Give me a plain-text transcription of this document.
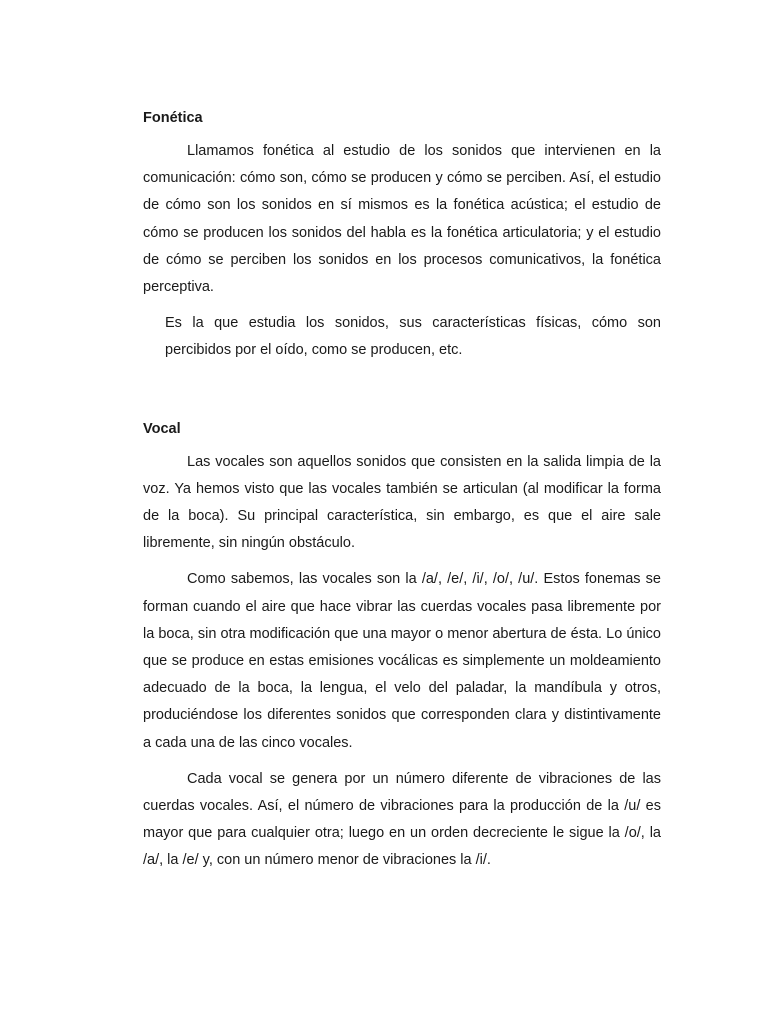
Fonética

Llamamos fonética al estudio de los sonidos que intervienen en la comunicación: cómo son, cómo se producen y cómo se perciben. Así, el estudio de cómo son los sonidos en sí mismos es la fonética acústica; el estudio de cómo se producen los sonidos del habla es la fonética articulatoria; y el estudio de cómo se perciben los sonidos en los procesos comunicativos, la fonética perceptiva.

Es la que estudia los sonidos, sus características físicas, cómo son percibidos por el oído, como se producen, etc.

Vocal

Las vocales son aquellos sonidos que consisten en la salida limpia de la voz. Ya hemos visto que las vocales también se articulan (al modificar la forma de la boca). Su principal característica, sin embargo, es que el aire sale libremente, sin ningún obstáculo.

Como sabemos, las vocales son la /a/, /e/, /i/, /o/, /u/. Estos fonemas se forman cuando el aire que hace vibrar las cuerdas vocales pasa libremente por la boca, sin otra modificación que una mayor o menor abertura de ésta. Lo único que se produce en estas emisiones vocálicas es simplemente un moldeamiento adecuado de la boca, la lengua, el velo del paladar, la mandíbula y otros, produciéndose los diferentes sonidos que corresponden clara y distintivamente a cada una de las cinco vocales.

Cada vocal se genera por un número diferente de vibraciones de las cuerdas vocales. Así, el número de vibraciones para la producción de la /u/ es mayor que para cualquier otra; luego en un orden decreciente le sigue la /o/, la /a/, la /e/ y, con un número menor de vibraciones la /i/.
